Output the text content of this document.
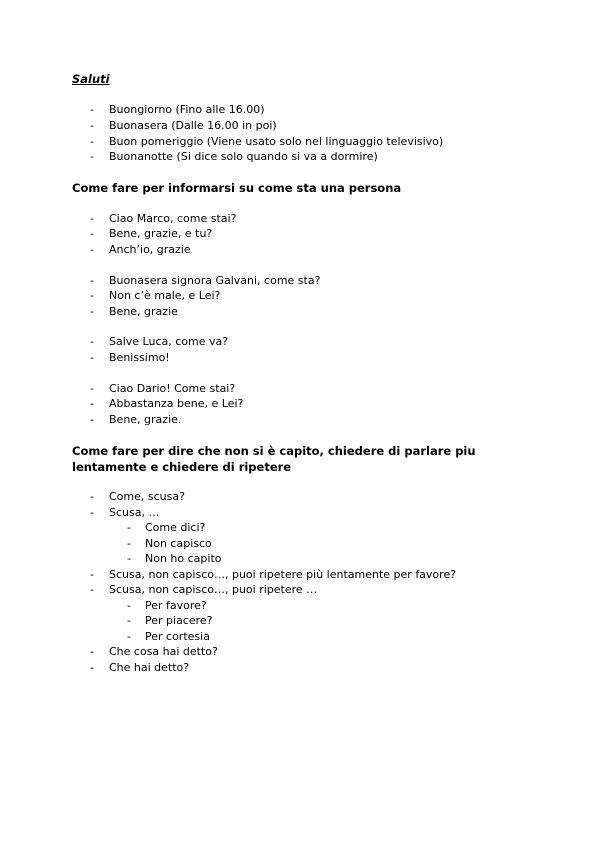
Saluti
- Buongiorno (Fino alle 16.00)
- Buonasera (Dalle 16.00 in poi)
- Buon pomeriggio (Viene usato solo nel linguaggio televisivo)
- Buonanotte (Si dice solo quando si va a dormire)
Come fare per informarsi su come sta una persona
- Ciao Marco, come stai?
- Bene, grazie, e tu?
- Anch’io, grazie
- Buonasera signora Galvani, come sta?
- Non c’è male, e Lei?
- Bene, grazie
- Salve Luca, come va?
- Benissimo!
- Ciao Dario! Come stai?
- Abbastanza bene, e Lei?
- Bene, grazie.
Come fare per dire che non si è capito, chiedere di parlare piu
lentamente e chiedere di ripetere
- Come, scusa?
- Scusa, …
- Come dici?
- Non capisco
- Non ho capito
- Scusa, non capisco…, puoi ripetere più lentamente per favore?
- Scusa, non capisco…, puoi ripetere …
- Per favore?
- Per piacere?
- Per cortesia
- Che cosa hai detto?
- Che hai detto?
